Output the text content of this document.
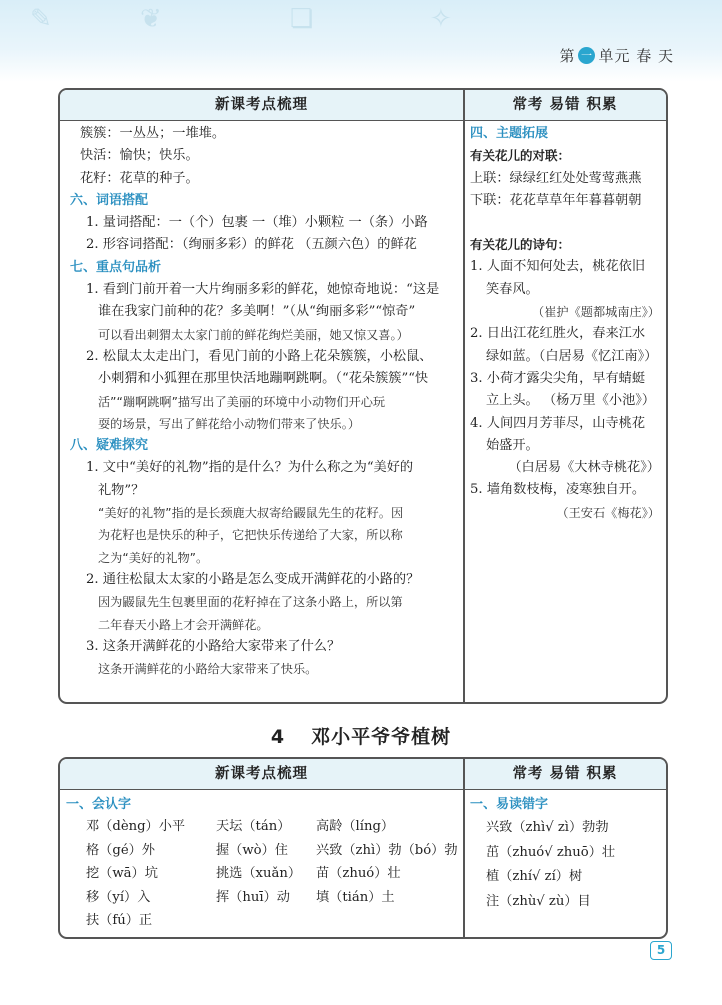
✎	❦	❏	✧
第 一 单元 春 天
新课考点梳理	常考 易错 积累
簇簇：一丛丛；一堆堆。
快活：愉快；快乐。
花籽：花草的种子。
六、词语搭配
1. 量词搭配：一（个）包裹 一（堆）小颗粒 一（条）小路
2. 形容词搭配：（绚丽多彩）的鲜花 （五颜六色）的鲜花
七、重点句品析
1. 看到门前开着一大片绚丽多彩的鲜花，她惊奇地说：“这是
谁在我家门前种的花？多美啊！”（从“绚丽多彩”“惊奇”
可以看出刺猬太太家门前的鲜花绚烂美丽，她又惊又喜。）
2. 松鼠太太走出门，看见门前的小路上花朵簇簇，小松鼠、
小刺猬和小狐狸在那里快活地蹦啊跳啊。（“花朵簇簇”“快
活”“蹦啊跳啊”描写出了美丽的环境中小动物们开心玩
耍的场景，写出了鲜花给小动物们带来了快乐。）
八、疑难探究
1. 文中“美好的礼物”指的是什么？为什么称之为“美好的
礼物”？
“美好的礼物”指的是长颈鹿大叔寄给鼹鼠先生的花籽。因
为花籽也是快乐的种子，它把快乐传递给了大家，所以称
之为“美好的礼物”。
2. 通往松鼠太太家的小路是怎么变成开满鲜花的小路的？
因为鼹鼠先生包裹里面的花籽掉在了这条小路上，所以第
二年春天小路上才会开满鲜花。
3. 这条开满鲜花的小路给大家带来了什么？
这条开满鲜花的小路给大家带来了快乐。
四、主题拓展
有关花儿的对联：
上联：绿绿红红处处莺莺燕燕
下联：花花草草年年暮暮朝朝
有关花儿的诗句：
1. 人面不知何处去，桃花依旧
笑春风。
（崔护《题都城南庄》）
2. 日出江花红胜火，春来江水
绿如蓝。（白居易《忆江南》）
3. 小荷才露尖尖角，早有蜻蜓
立上头。 （杨万里《小池》）
4. 人间四月芳菲尽，山寺桃花
始盛开。
（白居易《大林寺桃花》）
5. 墙角数枝梅，凌寒独自开。
（王安石《梅花》）
4 邓小平爷爷植树
新课考点梳理	常考 易错 积累
一、会认字
邓（dèng）小平 天坛（tán） 高龄（líng）
格（gé）外	握（wò）住 兴致（zhì）勃（bó）勃
挖（wā）坑	挑选（xuǎn） 苗（zhuó）壮
移（yí）入	挥（huī）动 填（tián）土
扶（fú）正
一、易读错字
兴致（zhì√ zì）勃勃
茁（zhuó√ zhuō）壮
植（zhí√ zí）树
注（zhù√ zù）目
5
